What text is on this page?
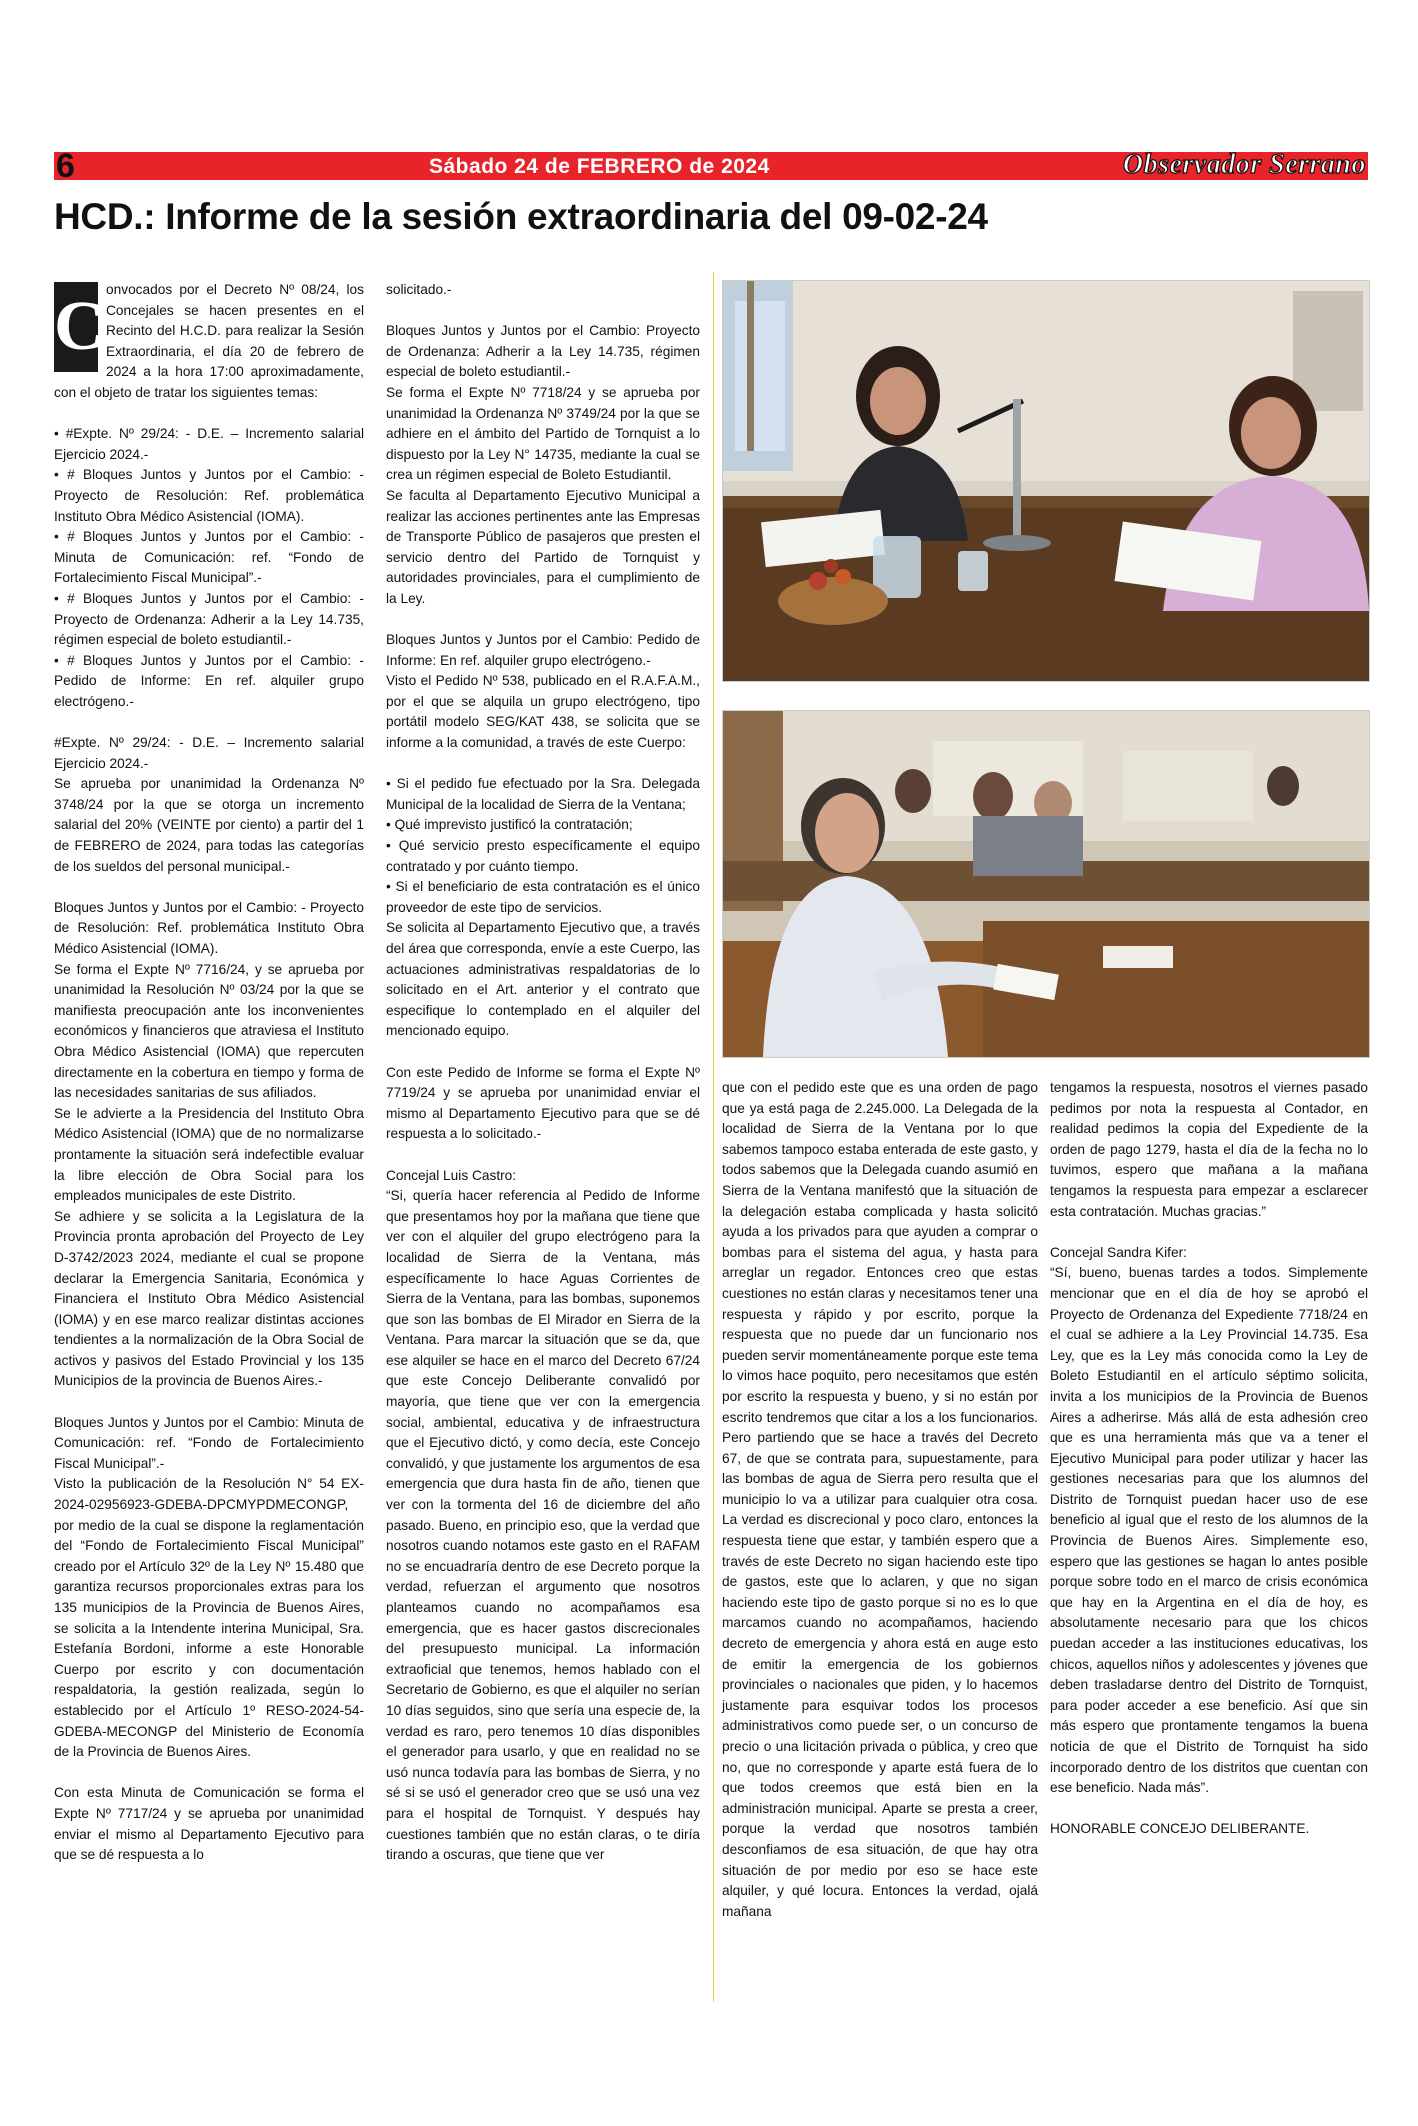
6	Sábado 24 de FEBRERO de 2024	Observador Serrano
HCD.: Informe de la sesión extraordinaria del 09-02-24
C onvocados por el Decreto Nº 08/24, los Concejales se hacen presentes en el Recinto del H.C.D. para realizar la Sesión Extraordinaria, el día 20 de febrero de 2024 a la hora 17:00 aproximadamente, con el objeto de tratar los siguientes temas:

• #Expte. Nº 29/24: - D.E. – Incremento salarial Ejercicio 2024.-

• # Bloques Juntos y Juntos por el Cambio: - Proyecto de Resolución: Ref. problemática Instituto Obra Médico Asistencial (IOMA).

• # Bloques Juntos y Juntos por el Cambio: - Minuta de Comunicación: ref. “Fondo de Fortalecimiento Fiscal Municipal”.-

• # Bloques Juntos y Juntos por el Cambio: - Proyecto de Ordenanza: Adherir a la Ley 14.735, régimen especial de boleto estudiantil.-

• # Bloques Juntos y Juntos por el Cambio: - Pedido de Informe: En ref. alquiler grupo electrógeno.-

#Expte. Nº 29/24: - D.E. – Incremento salarial Ejercicio 2024.-

Se aprueba por unanimidad la Ordenanza Nº 3748/24 por la que se otorga un incremento salarial del 20% (VEINTE por ciento) a partir del 1 de FEBRERO de 2024, para todas las categorías de los sueldos del personal municipal.-

Bloques Juntos y Juntos por el Cambio: - Proyecto de Resolución: Ref. problemática Instituto Obra Médico Asistencial (IOMA).

Se forma el Expte Nº 7716/24, y se aprueba por unanimidad la Resolución Nº 03/24 por la que se manifiesta preocupación ante los inconvenientes económicos y financieros que atraviesa el Instituto Obra Médico Asistencial (IOMA) que repercuten directamente en la cobertura en tiempo y forma de las necesidades sanitarias de sus afiliados.

Se le advierte a la Presidencia del Instituto Obra Médico Asistencial (IOMA) que de no normalizarse prontamente la situación será indefectible evaluar la libre elección de Obra Social para los empleados municipales de este Distrito.

Se adhiere y se solicita a la Legislatura de la Provincia pronta aprobación del Proyecto de Ley D-3742/2023 2024, mediante el cual se propone declarar la Emergencia Sanitaria, Económica y Financiera el Instituto Obra Médico Asistencial (IOMA) y en ese marco realizar distintas acciones tendientes a la normalización de la Obra Social de activos y pasivos del Estado Provincial y los 135 Municipios de la provincia de Buenos Aires.-

Bloques Juntos y Juntos por el Cambio: Minuta de Comunicación: ref. “Fondo de Fortalecimiento Fiscal Municipal”.-

Visto la publicación de la Resolución N° 54 EX-2024-02956923-GDEBA-DPCMYPDMECONGP, por medio de la cual se dispone la reglamentación del “Fondo de Fortalecimiento Fiscal Municipal” creado por el Artículo 32º de la Ley Nº 15.480 que garantiza recursos proporcionales extras para los 135 municipios de la Provincia de Buenos Aires, se solicita a la Intendente interina Municipal, Sra. Estefanía Bordoni, informe a este Honorable Cuerpo por escrito y con documentación respaldatoria, la gestión realizada, según lo establecido por el Artículo 1º RESO-2024-54-GDEBA-MECONGP del Ministerio de Economía de la Provincia de Buenos Aires.

Con esta Minuta de Comunicación se forma el Expte Nº 7717/24 y se aprueba por unanimidad enviar el mismo al Departamento Ejecutivo para que se dé respuesta a lo

solicitado.-

Bloques Juntos y Juntos por el Cambio: Proyecto de Ordenanza: Adherir a la Ley 14.735, régimen especial de boleto estudiantil.-

Se forma el Expte Nº 7718/24 y se aprueba por unanimidad la Ordenanza Nº 3749/24 por la que se adhiere en el ámbito del Partido de Tornquist a lo dispuesto por la Ley N° 14735, mediante la cual se crea un régimen especial de Boleto Estudiantil.

Se faculta al Departamento Ejecutivo Municipal a realizar las acciones pertinentes ante las Empresas de Transporte Público de pasajeros que presten el servicio dentro del Partido de Tornquist y autoridades provinciales, para el cumplimiento de la Ley.

Bloques Juntos y Juntos por el Cambio: Pedido de Informe: En ref. alquiler grupo electrógeno.-

Visto el Pedido Nº 538, publicado en el R.A.F.A.M., por el que se alquila un grupo electrógeno, tipo portátil modelo SEG/KAT 438, se solicita que se informe a la comunidad, a través de este Cuerpo:

• Si el pedido fue efectuado por la Sra. Delegada Municipal de la localidad de Sierra de la Ventana;

• Qué imprevisto justificó la contratación;

• Qué servicio presto específicamente el equipo contratado y por cuánto tiempo.

• Si el beneficiario de esta contratación es el único proveedor de este tipo de servicios.

Se solicita al Departamento Ejecutivo que, a través del área que corresponda, envíe a este Cuerpo, las actuaciones administrativas respaldatorias de lo solicitado en el Art. anterior y el contrato que especifique lo contemplado en el alquiler del mencionado equipo.

Con este Pedido de Informe se forma el Expte Nº 7719/24 y se aprueba por unanimidad enviar el mismo al Departamento Ejecutivo para que se dé respuesta a lo solicitado.-

Concejal Luis Castro:

“Si, quería hacer referencia al Pedido de Informe que presentamos hoy por la mañana que tiene que ver con el alquiler del grupo electrógeno para la localidad de Sierra de la Ventana, más específicamente lo hace Aguas Corrientes de Sierra de la Ventana, para las bombas, suponemos que son las bombas de El Mirador en Sierra de la Ventana. Para marcar la situación que se da, que ese alquiler se hace en el marco del Decreto 67/24 que este Concejo Deliberante convalidó por mayoría, que tiene que ver con la emergencia social, ambiental, educativa y de infraestructura que el Ejecutivo dictó, y como decía, este Concejo convalidó, y que justamente los argumentos de esa emergencia que dura hasta fin de año, tienen que ver con la tormenta del 16 de diciembre del año pasado. Bueno, en principio eso, que la verdad que nosotros cuando notamos este gasto en el RAFAM no se encuadraría dentro de ese Decreto porque la verdad, refuerzan el argumento que nosotros planteamos cuando no acompañamos esa emergencia, que es hacer gastos discrecionales del presupuesto municipal. La información extraoficial que tenemos, hemos hablado con el Secretario de Gobierno, es que el alquiler no serían 10 días seguidos, sino que sería una especie de, la verdad es raro, pero tenemos 10 días disponibles el generador para usarlo, y que en realidad no se usó nunca todavía para las bombas de Sierra, y no sé si se usó el generador creo que se usó una vez para el hospital de Tornquist. Y después hay cuestiones también que no están claras, o te diría tirando a oscuras, que tiene que ver

que con el pedido este que es una orden de pago que ya está paga de 2.245.000. La Delegada de la localidad de Sierra de la Ventana por lo que sabemos tampoco estaba enterada de este gasto, y todos sabemos que la Delegada cuando asumió en Sierra de la Ventana manifestó que la situación de la delegación estaba complicada y hasta solicitó ayuda a los privados para que ayuden a comprar o bombas para el sistema del agua, y hasta para arreglar un regador. Entonces creo que estas cuestiones no están claras y necesitamos tener una respuesta y rápido y por escrito, porque la respuesta que no puede dar un funcionario nos pueden servir momentáneamente porque este tema lo vimos hace poquito, pero necesitamos que estén por escrito la respuesta y bueno, y si no están por escrito tendremos que citar a los a los funcionarios. Pero partiendo que se hace a través del Decreto 67, de que se contrata para, supuestamente, para las bombas de agua de Sierra pero resulta que el municipio lo va a utilizar para cualquier otra cosa. La verdad es discrecional y poco claro, entonces la respuesta tiene que estar, y también espero que a través de este Decreto no sigan haciendo este tipo de gastos, este que lo aclaren, y que no sigan haciendo este tipo de gasto porque si no es lo que marcamos cuando no acompañamos, haciendo decreto de emergencia y ahora está en auge esto de emitir la emergencia de los gobiernos provinciales o nacionales que piden, y lo hacemos justamente para esquivar todos los procesos administrativos como puede ser, o un concurso de precio o una licitación privada o pública, y creo que no, que no corresponde y aparte está fuera de lo que todos creemos que está bien en la administración municipal. Aparte se presta a creer, porque la verdad que nosotros también desconfiamos de esa situación, de que hay otra situación de por medio por eso se hace este alquiler, y qué locura. Entonces la verdad, ojalá mañana

tengamos la respuesta, nosotros el viernes pasado pedimos por nota la respuesta al Contador, en realidad pedimos la copia del Expediente de la orden de pago 1279, hasta el día de la fecha no lo tuvimos, espero que mañana a la mañana tengamos la respuesta para empezar a esclarecer esta contratación. Muchas gracias.”

Concejal Sandra Kifer:

“Sí, bueno, buenas tardes a todos. Simplemente mencionar que en el día de hoy se aprobó el Proyecto de Ordenanza del Expediente 7718/24 en el cual se adhiere a la Ley Provincial 14.735. Esa Ley, que es la Ley más conocida como la Ley de Boleto Estudiantil en el artículo séptimo solicita, invita a los municipios de la Provincia de Buenos Aires a adherirse. Más allá de esta adhesión creo que es una herramienta más que va a tener el Ejecutivo Municipal para poder utilizar y hacer las gestiones necesarias para que los alumnos del Distrito de Tornquist puedan hacer uso de ese beneficio al igual que el resto de los alumnos de la Provincia de Buenos Aires. Simplemente eso, espero que las gestiones se hagan lo antes posible porque sobre todo en el marco de crisis económica que hay en la Argentina en el día de hoy, es absolutamente necesario para que los chicos puedan acceder a las instituciones educativas, los chicos, aquellos niños y adolescentes y jóvenes que deben trasladarse dentro del Distrito de Tornquist, para poder acceder a ese beneficio. Así que sin más espero que prontamente tengamos la buena noticia de que el Distrito de Tornquist ha sido incorporado dentro de los distritos que cuentan con ese beneficio. Nada más”.

HONORABLE CONCEJO DELIBERANTE.
